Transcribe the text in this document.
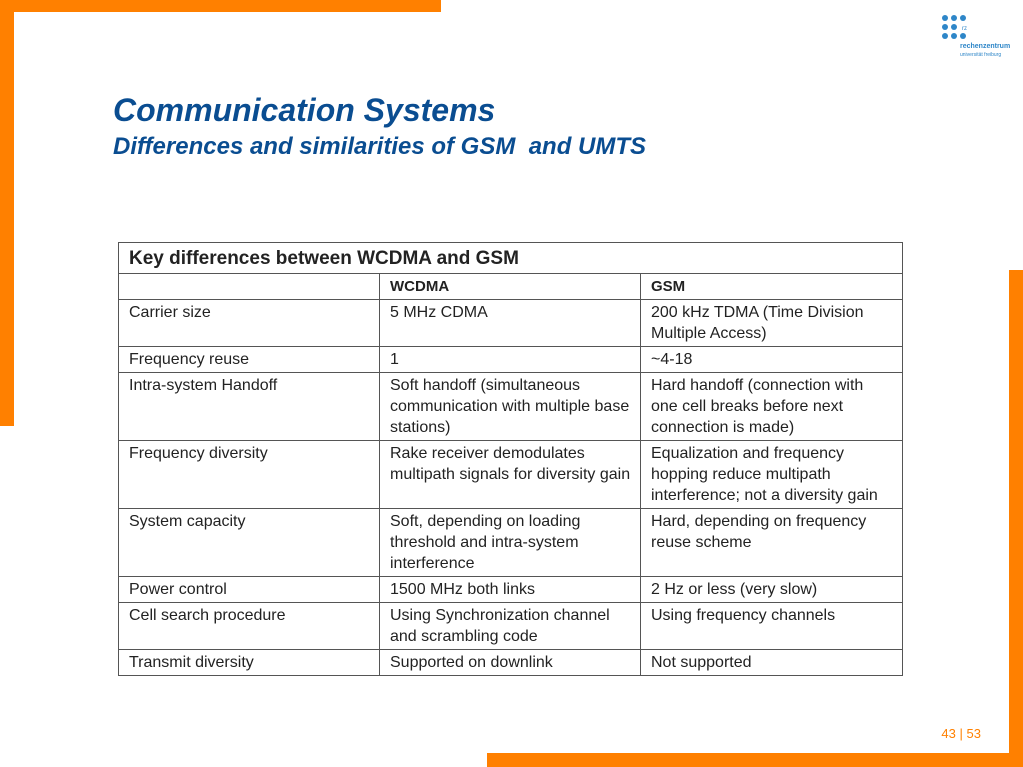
rz
rechenzentrum
universität freiburg
Communication Systems
Differences and similarities of GSM  and UMTS
Key differences between WCDMA and GSM		
	WCDMA	GSM
Carrier size	5 MHz CDMA	200 kHz TDMA (Time Division Multiple Access)
Frequency reuse	1	~4-18
Intra-system Handoff	Soft handoff (simultaneous communication with multiple base stations)	Hard handoff (connection with one cell breaks before next connection is made)
Frequency diversity	Rake receiver demodulates multipath signals for diversity gain	Equalization and frequency hopping reduce multipath interference; not a diversity gain
System capacity	Soft, depending on loading threshold and intra-system interference	Hard, depending on frequency reuse scheme
Power control	1500 MHz both links	2 Hz or less (very slow)
Cell search procedure	Using Synchronization channel and scrambling code	Using frequency channels
Transmit diversity	Supported on downlink	Not supported
43 | 53
